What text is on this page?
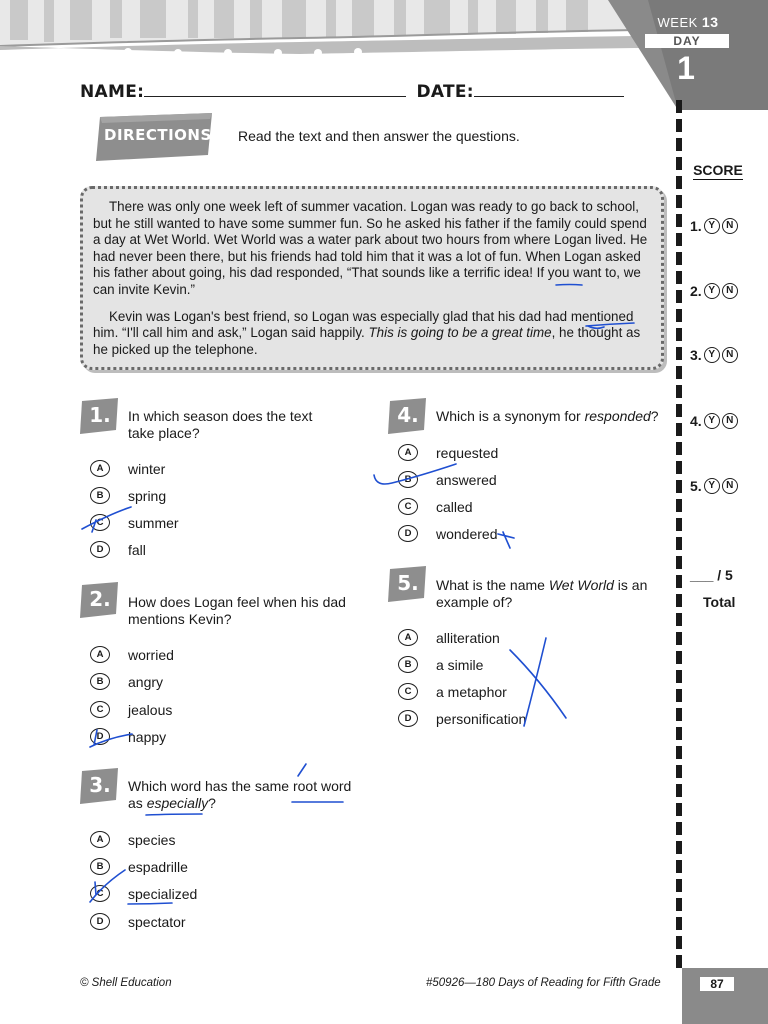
WEEK 13
DAY
1
NAME:	DATE:
DIRECTIONS Read the text and then answer the questions.

There was only one week left of summer vacation. Logan was ready to go back to school, but he still wanted to have some summer fun. So he asked his father if the family could spend a day at Wet World. Wet World was a water park about two hours from where Logan lived. He had never been there, but his friends had told him that it was a lot of fun. When Logan asked his father about going, his dad responded, “That sounds like a terrific idea! If you want to, we can invite Kevin.”

Kevin was Logan's best friend, so Logan was especially glad that his dad had mentioned him. “I'll call him and ask,” Logan said happily. This is going to be a great time, he thought as he picked up the telephone.

1.	In which season does the text take place?
A	winter
B	spring
C	summer
D	fall
2.	How does Logan feel when his dad mentions Kevin?
A	worried
B	angry
C	jealous
D	happy
3.	Which word has the same root word as especially?
A	species
B	espadrille
C	specialized
D	spectator
4.	Which is a synonym for responded?
A	requested
B	answered
C	called
D	wondered
5.	What is the name Wet World is an example of?
A	alliteration
B	a simile
C	a metaphor
D	personification
SCORE
1. Y	N
2. Y	N
3. Y	N
4. Y	N
5. Y	N
___ / 5
Total
© Shell Education	#50926—180 Days of Reading for Fifth Grade	87
